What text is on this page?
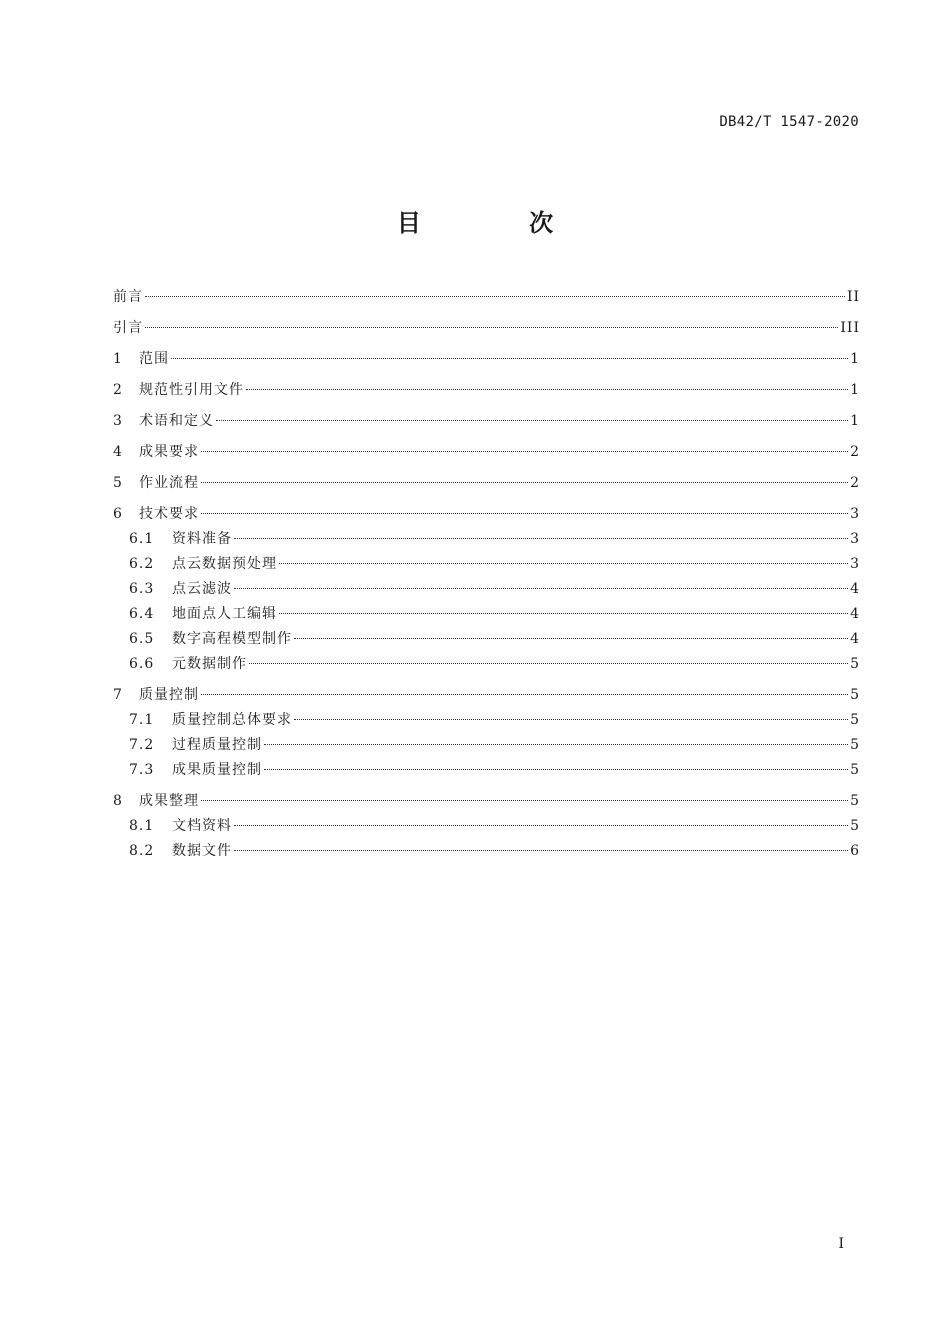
DB42/T 1547-2020
目 次
前言	II
引言	III
1	范围	1
2	规范性引用文件	1
3	术语和定义	1
4	成果要求	2
5	作业流程	2
6	技术要求	3
6.1	资料准备	3
6.2	点云数据预处理	3
6.3	点云滤波	4
6.4	地面点人工编辑	4
6.5	数字高程模型制作	4
6.6	元数据制作	5
7	质量控制	5
7.1	质量控制总体要求	5
7.2	过程质量控制	5
7.3	成果质量控制	5
8	成果整理	5
8.1	文档资料	5
8.2	数据文件	6
I
